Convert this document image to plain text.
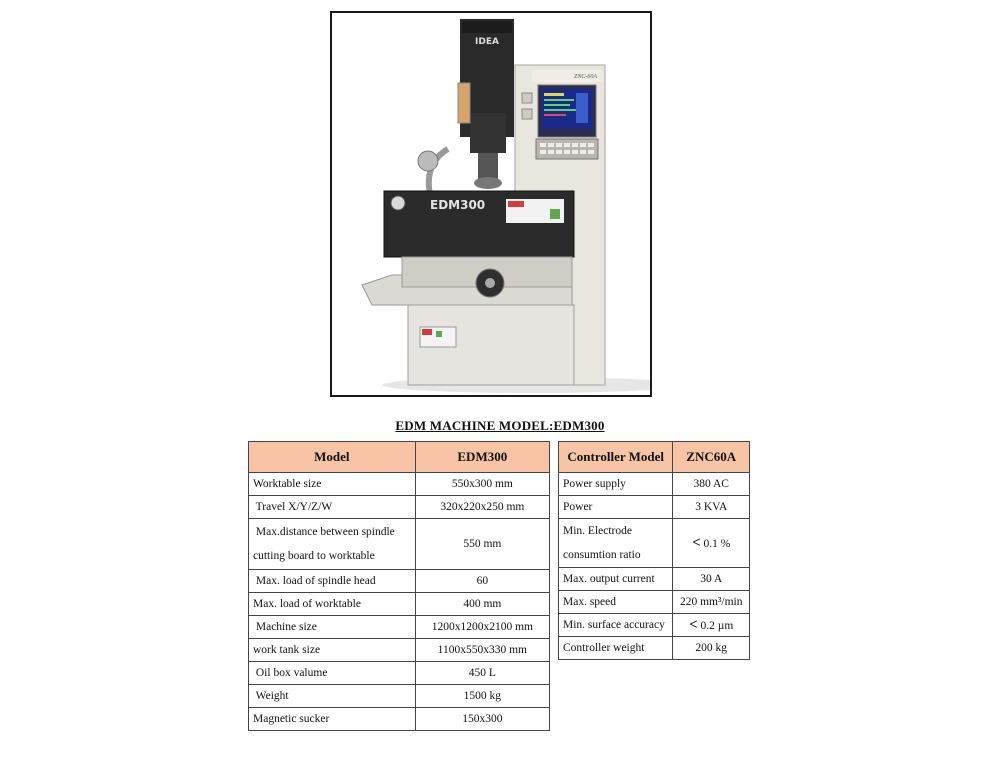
ZNC-60A
IDEA
EDM300
EDM MACHINE MODEL:EDM300
Model	EDM300
Worktable size	550x300 mm
Travel X/Y/Z/W	320x220x250 mm

Max.distance between spindle
cutting board to worktable	550 mm
Max. load of spindle head	60
Max. load of worktable	400 mm
Machine size	1200x1200x2100 mm
work tank size	1100x550x330 mm
Oil box valume	450 L
Weight	1500 kg
Magnetic sucker	150x300
Controller Model	ZNC60A
Power supply	380 AC
Power	3 KVA

Min. Electrode
consumtion ratio	< 0.1 %
Max. output current	30 A
Max. speed	220 mm³/min
Min. surface accuracy	< 0.2 µm
Controller weight	200 kg
